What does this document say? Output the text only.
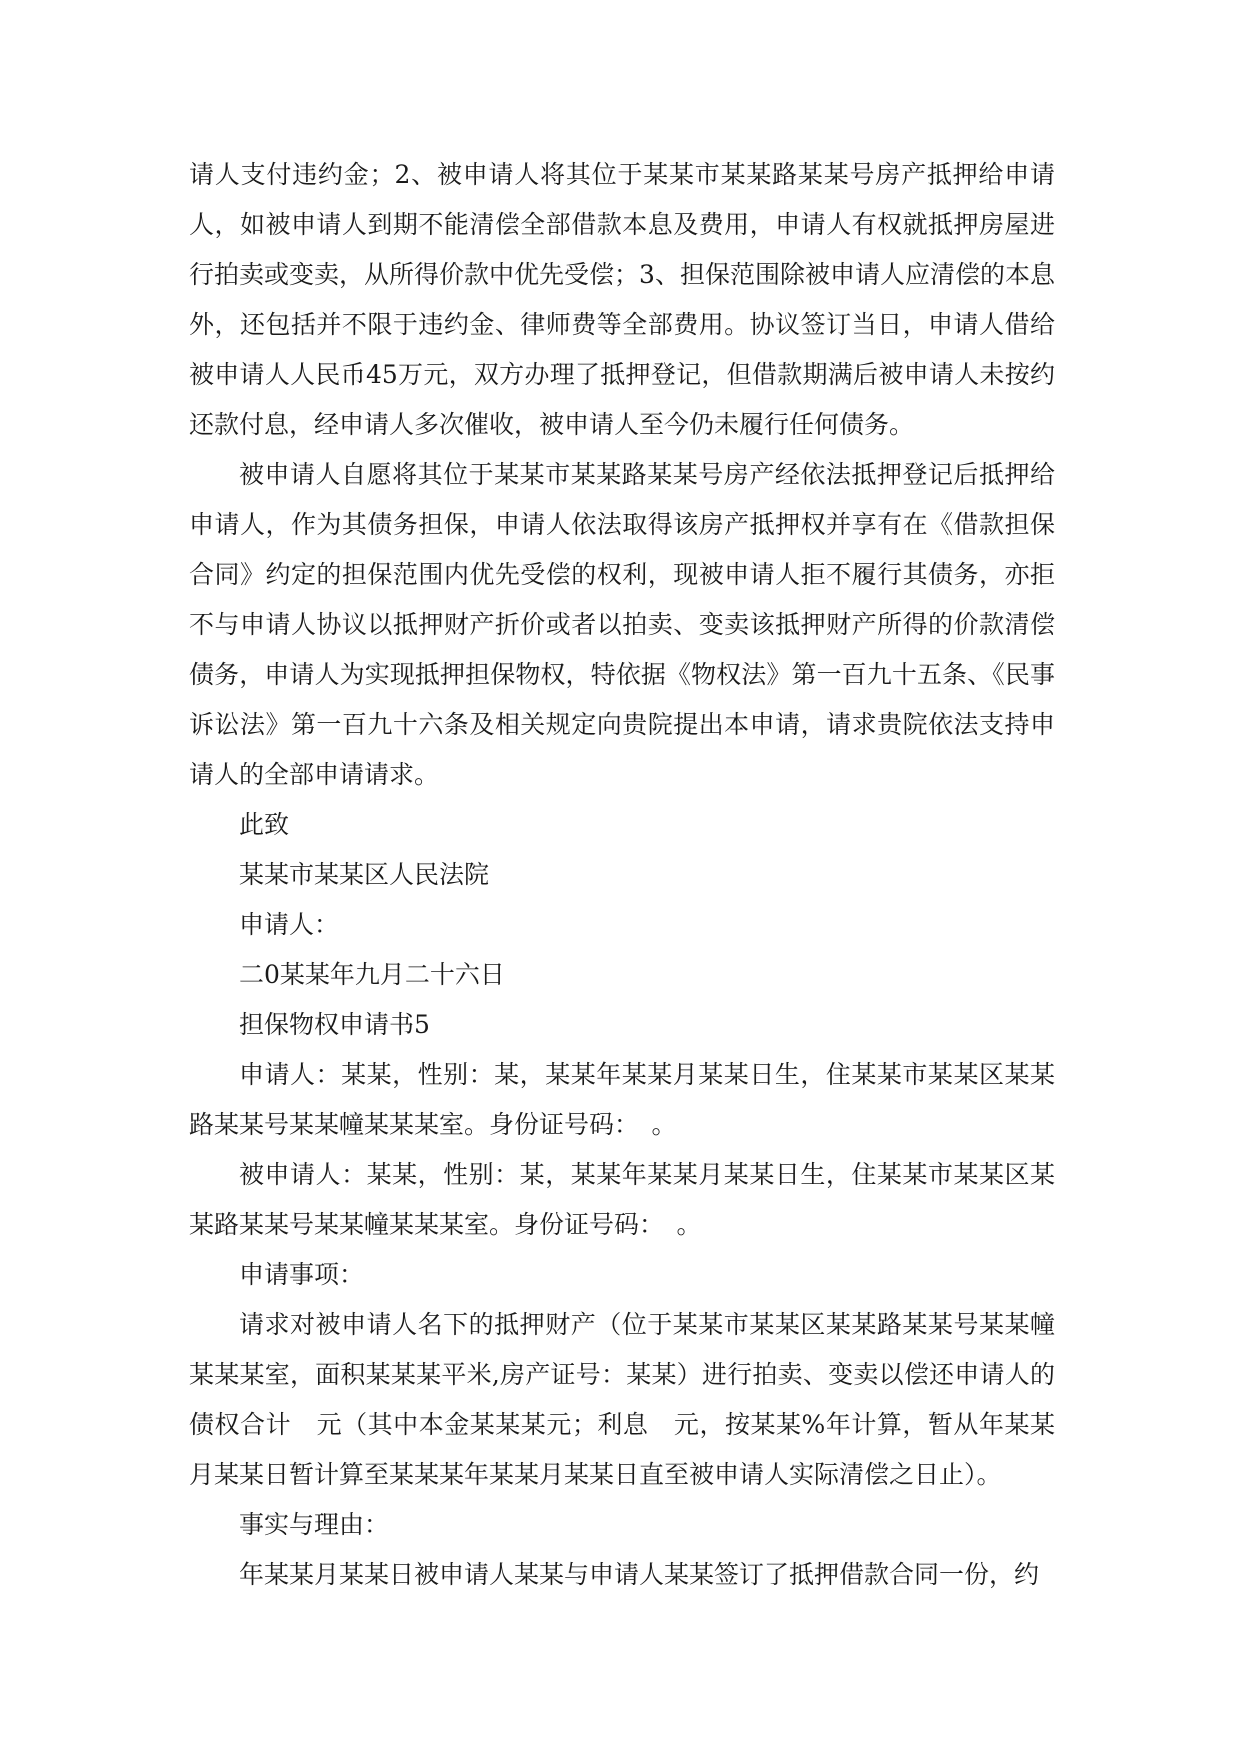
请人支付违约金；2、被申请人将其位于某某市某某路某某号房产抵押给申请人，如被申请人到期不能清偿全部借款本息及费用，申请人有权就抵押房屋进行拍卖或变卖，从所得价款中优先受偿；3、担保范围除被申请人应清偿的本息外，还包括并不限于违约金、律师费等全部费用。协议签订当日，申请人借给被申请人人民币45万元，双方办理了抵押登记，但借款期满后被申请人未按约还款付息，经申请人多次催收，被申请人至今仍未履行任何债务。

被申请人自愿将其位于某某市某某路某某号房产经依法抵押登记后抵押给申请人，作为其债务担保，申请人依法取得该房产抵押权并享有在《借款担保合同》约定的担保范围内优先受偿的权利，现被申请人拒不履行其债务，亦拒不与申请人协议以抵押财产折价或者以拍卖、变卖该抵押财产所得的价款清偿债务，申请人为实现抵押担保物权，特依据《物权法》第一百九十五条、《民事诉讼法》第一百九十六条及相关规定向贵院提出本申请，请求贵院依法支持申请人的全部申请请求。

此致

某某市某某区人民法院

申请人：

二0某某年九月二十六日

担保物权申请书5

申请人：某某，性别：某，某某年某某月某某日生，住某某市某某区某某路某某号某某幢某某某室。身份证号码：　。

被申请人：某某，性别：某，某某年某某月某某日生，住某某市某某区某某路某某号某某幢某某某室。身份证号码：　。

申请事项：

请求对被申请人名下的抵押财产（位于某某市某某区某某路某某号某某幢某某某室，面积某某某平米,房产证号：某某）进行拍卖、变卖以偿还申请人的债权合计　元（其中本金某某某元；利息　元，按某某%年计算，暂从年某某月某某日暂计算至某某某年某某月某某日直至被申请人实际清偿之日止）。

事实与理由：

年某某月某某日被申请人某某与申请人某某签订了抵押借款合同一份，约
